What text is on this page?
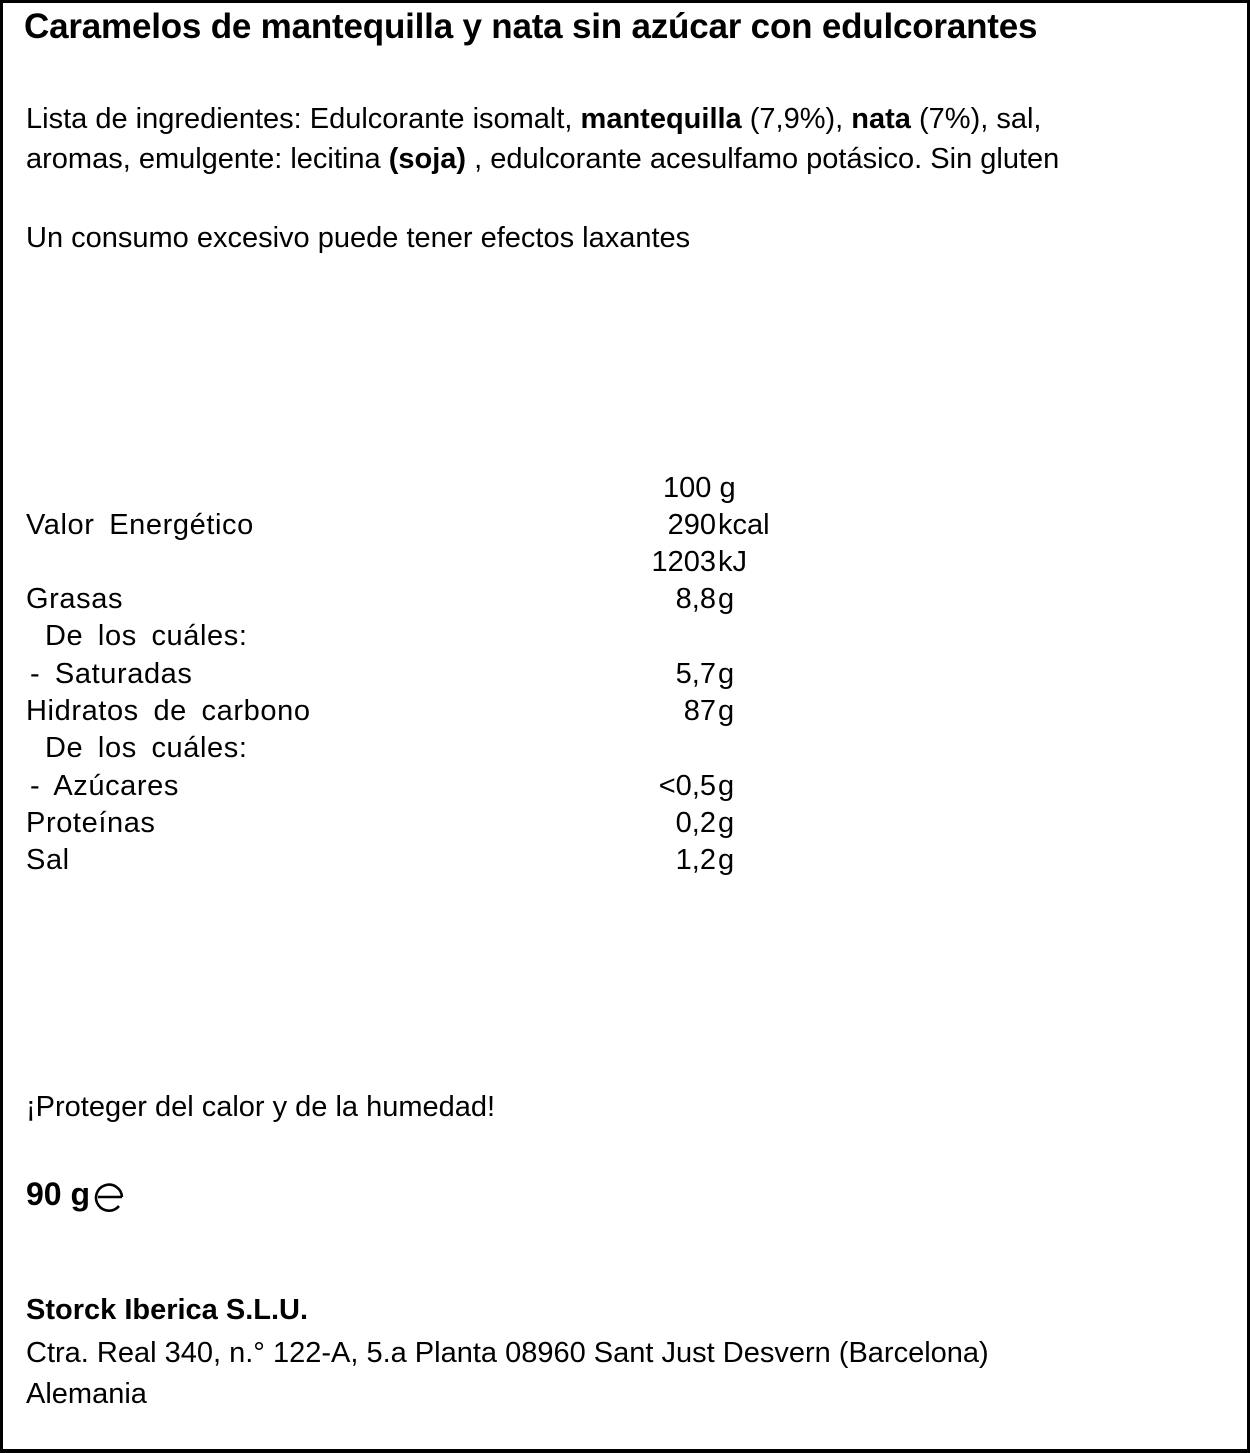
Caramelos de mantequilla y nata sin azúcar con edulcorantes
Lista de ingredientes: Edulcorante isomalt, mantequilla (7,9%), nata (7%), sal,
aromas, emulgente: lecitina (soja) , edulcorante acesulfamo potásico. Sin gluten
Un consumo excesivo puede tener efectos laxantes
100 g
Valor Energético	290 kcal
1203 kJ
Grasas	8,8 g
De los cuáles:
- Saturadas	5,7 g
Hidratos de carbono	87 g
De los cuáles:
- Azúcares	<0,5 g
Proteínas	0,2 g
Sal	1,2 g
¡Proteger del calor y de la humedad!
90 g
Storck Iberica S.L.U.
Ctra. Real 340, n.° 122-A, 5.a Planta 08960 Sant Just Desvern (Barcelona)
Alemania
